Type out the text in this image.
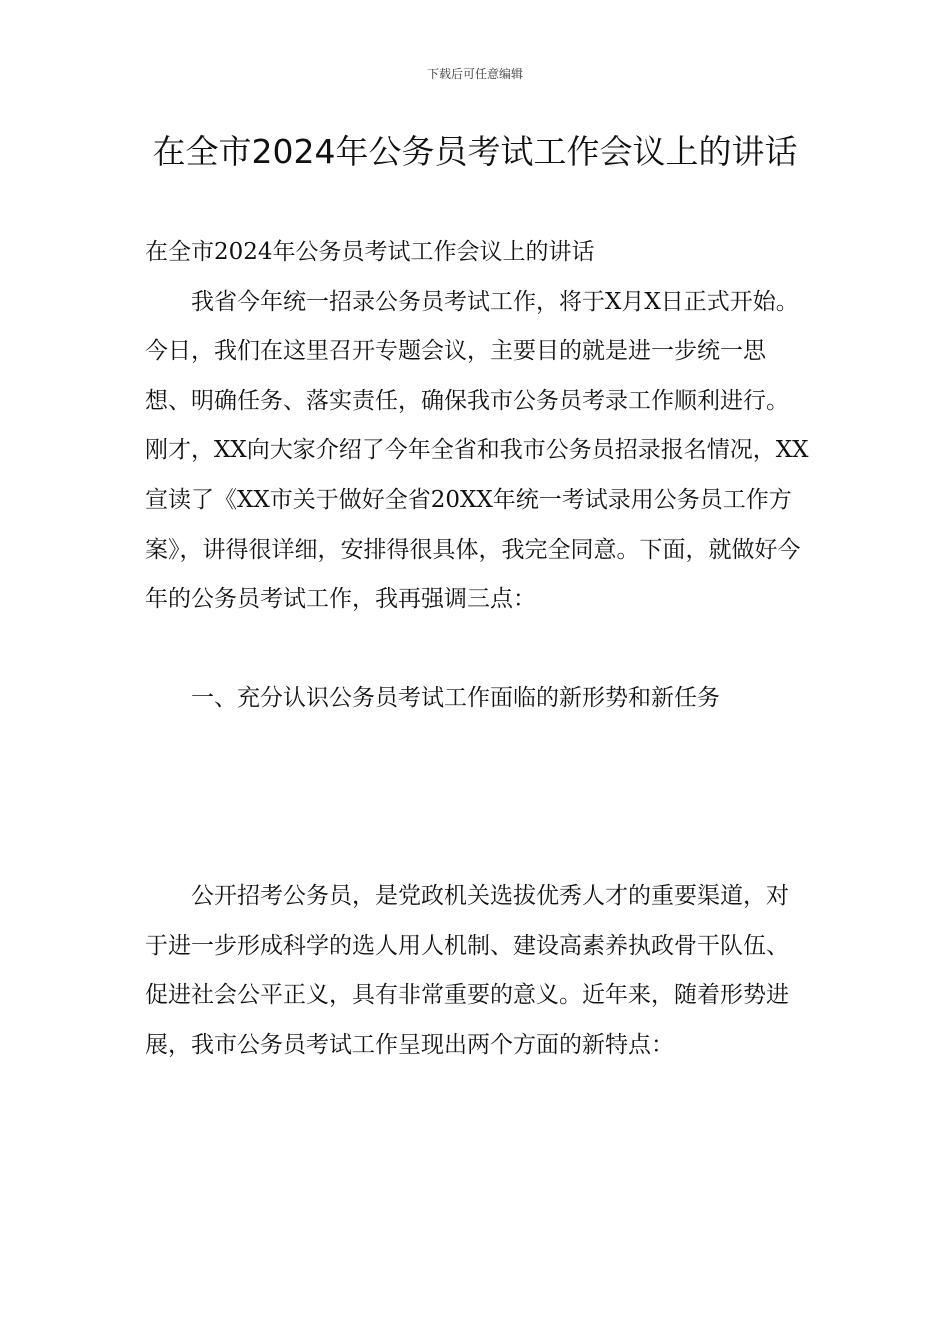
下载后可任意编辑
在全市2024年公务员考试工作会议上的讲话

在全市2024年公务员考试工作会议上的讲话

我省今年统一招录公务员考试工作，将于X月X日正式开始。今日，我们在这里召开专题会议，主要目的就是进一步统一思想、明确任务、落实责任，确保我市公务员考录工作顺利进行。刚才，XX向大家介绍了今年全省和我市公务员招录报名情况，XX宣读了《XX市关于做好全省20XX年统一考试录用公务员工作方案》，讲得很详细，安排得很具体，我完全同意。下面，就做好今年的公务员考试工作，我再强调三点：

一、充分认识公务员考试工作面临的新形势和新任务

公开招考公务员，是党政机关选拔优秀人才的重要渠道，对于进一步形成科学的选人用人机制、建设高素养执政骨干队伍、促进社会公平正义，具有非常重要的意义。近年来，随着形势进展，我市公务员考试工作呈现出两个方面的新特点：
